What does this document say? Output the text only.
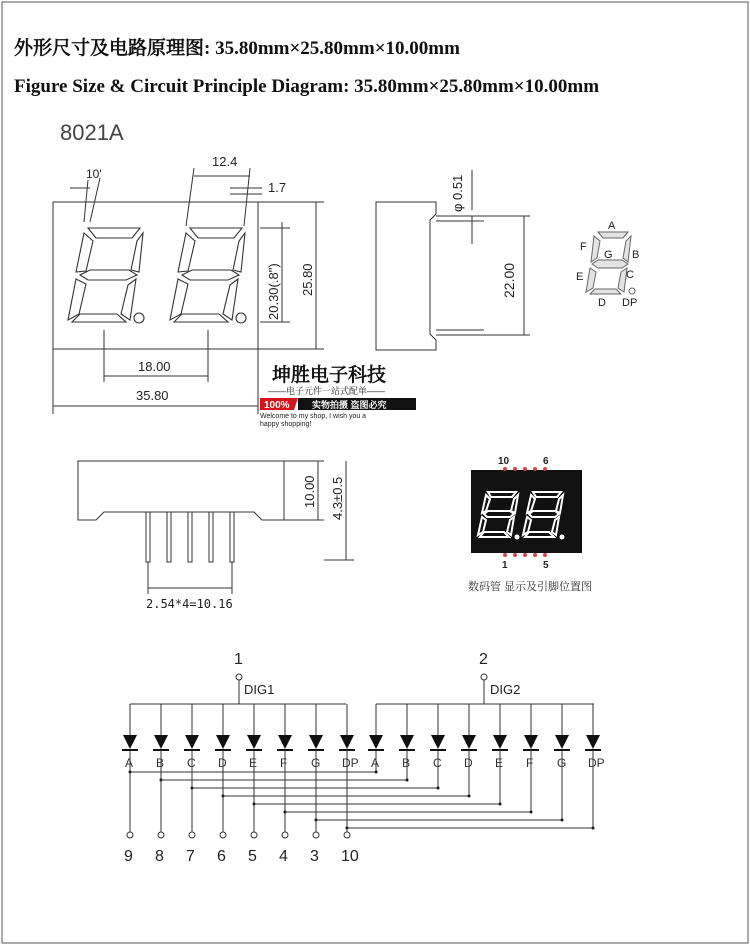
外形尺寸及电路原理图: 35.80mm×25.80mm×10.00mm
Figure Size & Circuit Principle Diagram: 35.80mm×25.80mm×10.00mm
8021A
10'
12.4
1.7
20.30(.8") 25.80
18.00
35.80
φ 0.51
22.00
A
F
B
G
E	C
D DP
坤胜电子科技
——电子元件一站式配单——
100% 实物拍摄 盗图必究
Welcome to my shop, I wish you a
happy shopping!
10.00 4.3±0.5
2.54*4=10.16
10	6
1	5
数码管 显示及引脚位置图
1
DIG1
2
DIG2
A B C D E F G DP A B C D E F G DP
9 8 7 6 5 4 3 10
